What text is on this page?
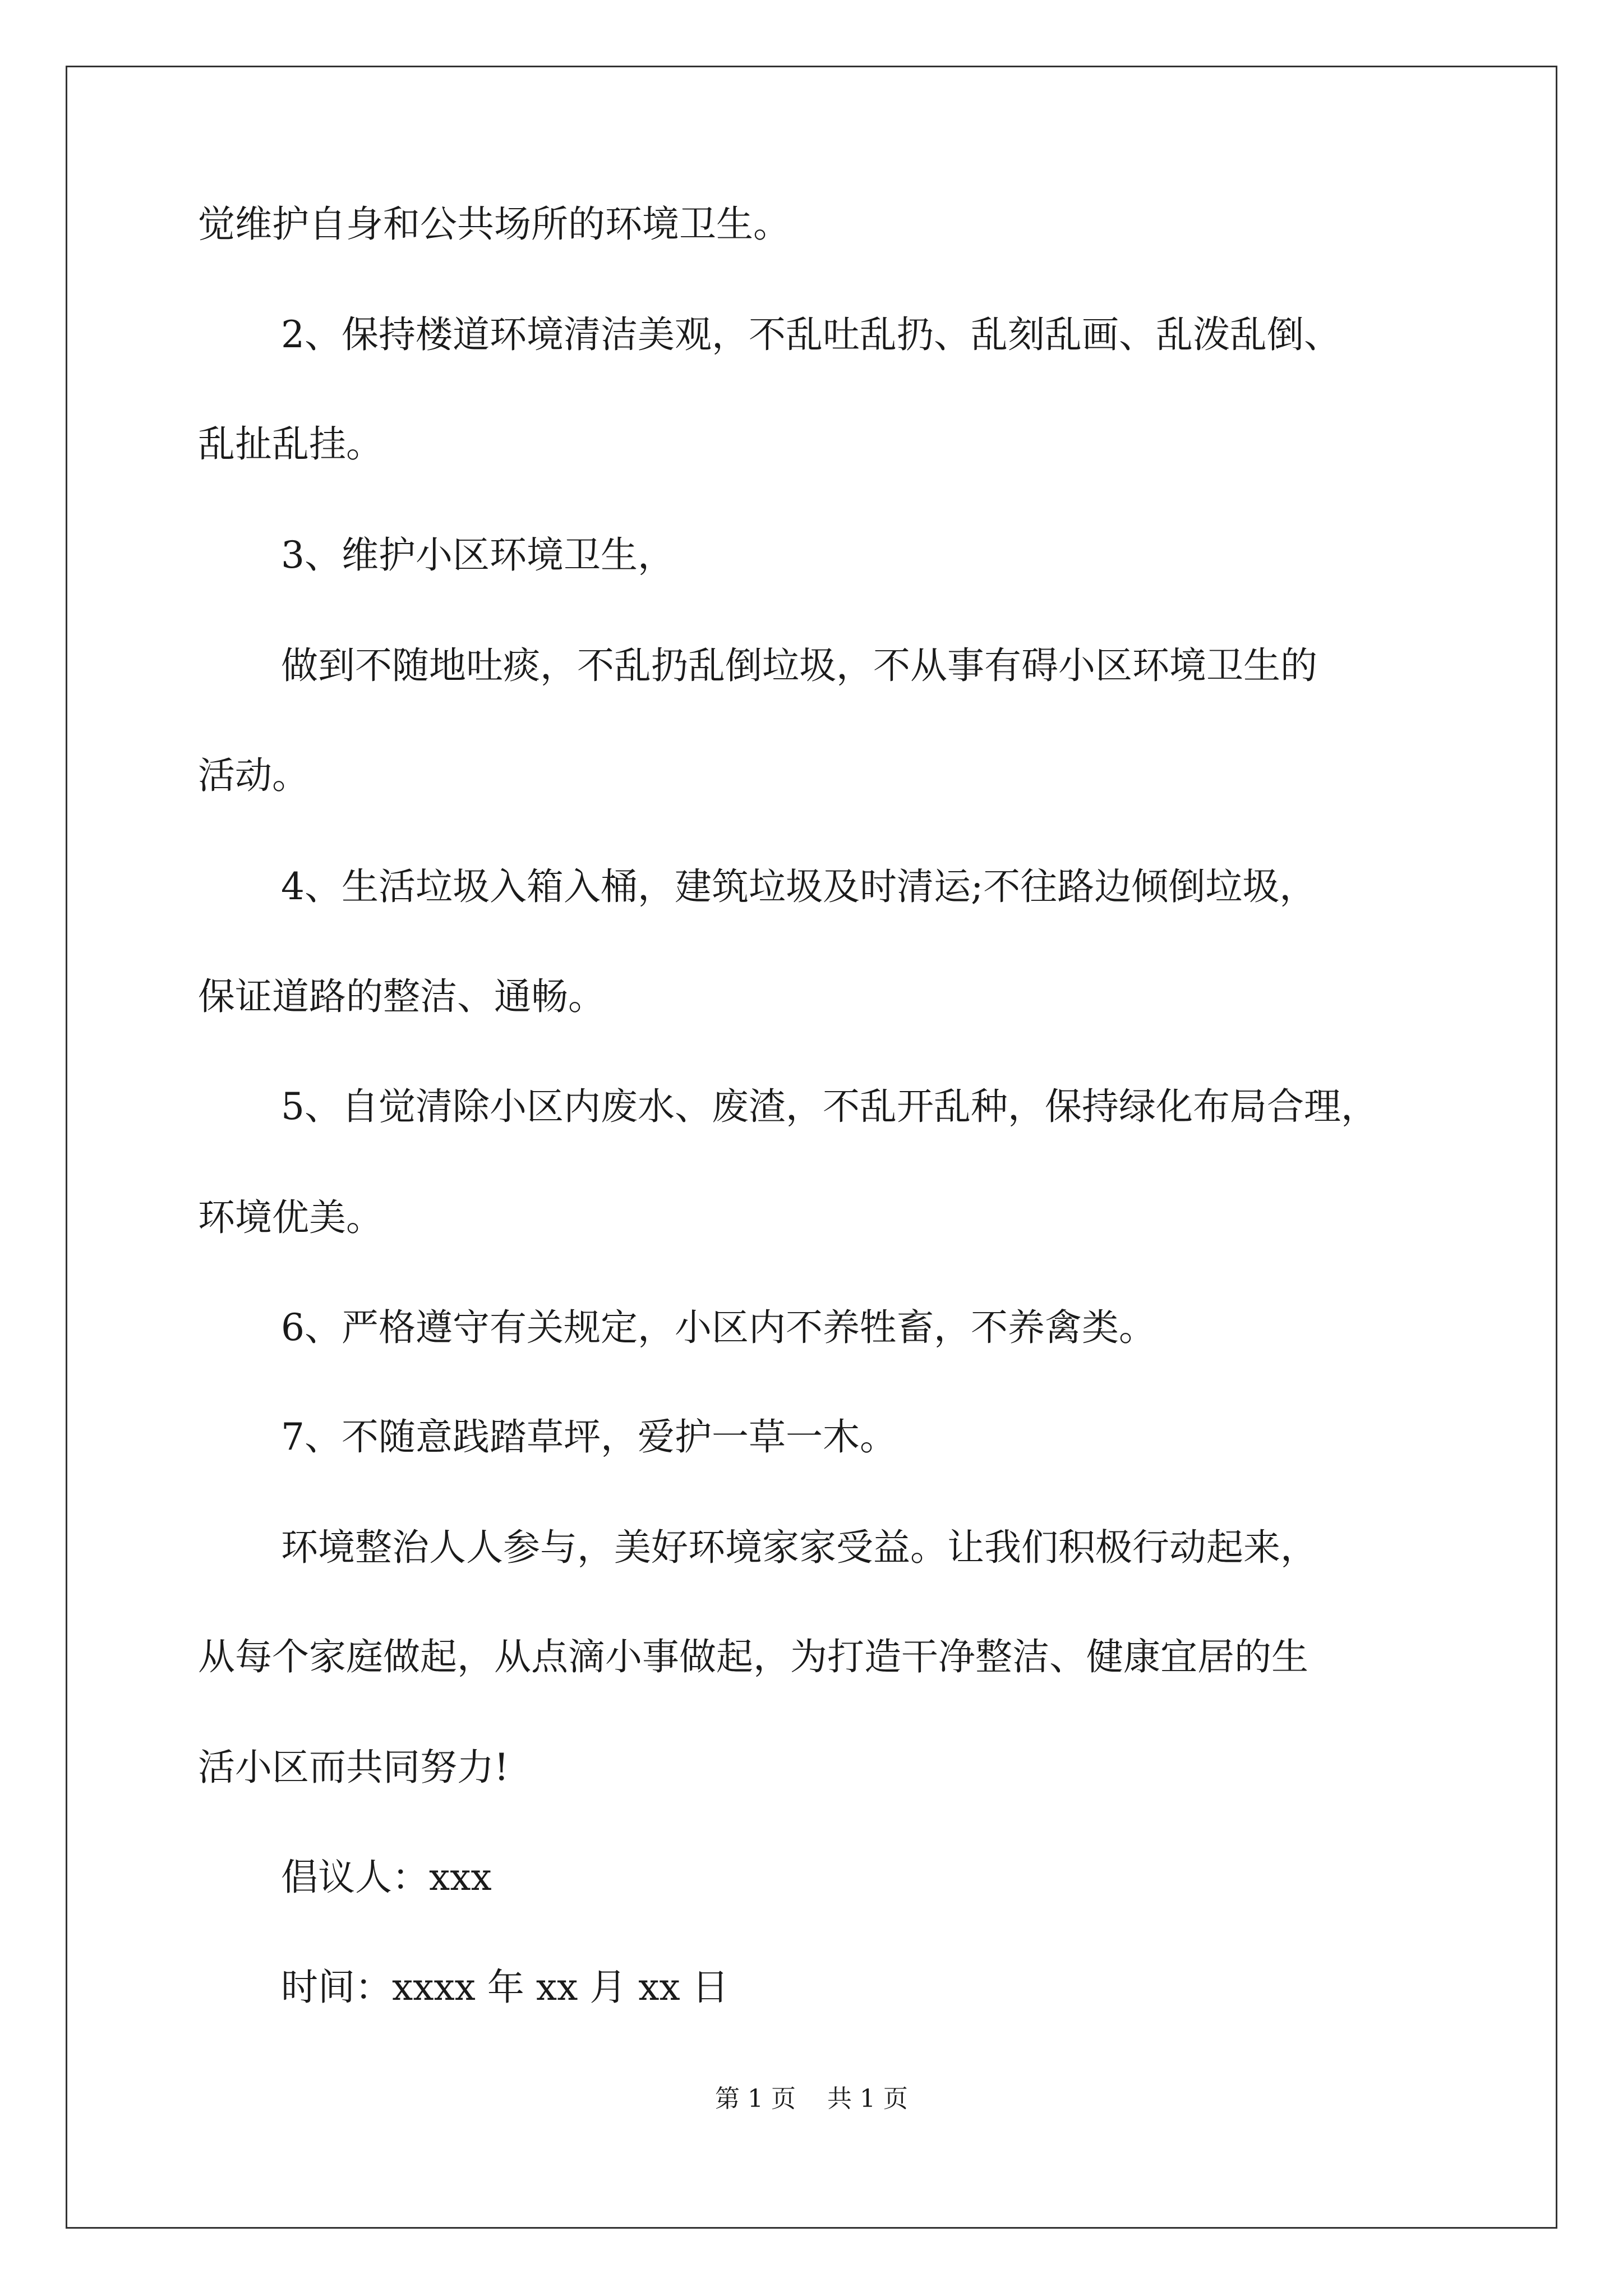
觉维护自身和公共场所的环境卫生。
2、保持楼道环境清洁美观，不乱吐乱扔、乱刻乱画、乱泼乱倒、
乱扯乱挂。
3、维护小区环境卫生，
做到不随地吐痰，不乱扔乱倒垃圾，不从事有碍小区环境卫生的
活动。
4、生活垃圾入箱入桶，建筑垃圾及时清运;不往路边倾倒垃圾，
保证道路的整洁、通畅。
5、自觉清除小区内废水、废渣，不乱开乱种，保持绿化布局合理，
环境优美。
6、严格遵守有关规定，小区内不养牲畜，不养禽类。
7、不随意践踏草坪，爱护一草一木。
环境整治人人参与，美好环境家家受益。让我们积极行动起来，
从每个家庭做起，从点滴小事做起，为打造干净整洁、健康宜居的生
活小区而共同努力!
倡议人：xxx
时间：xxxx 年 xx 月 xx 日
第 1 页    共 1 页
